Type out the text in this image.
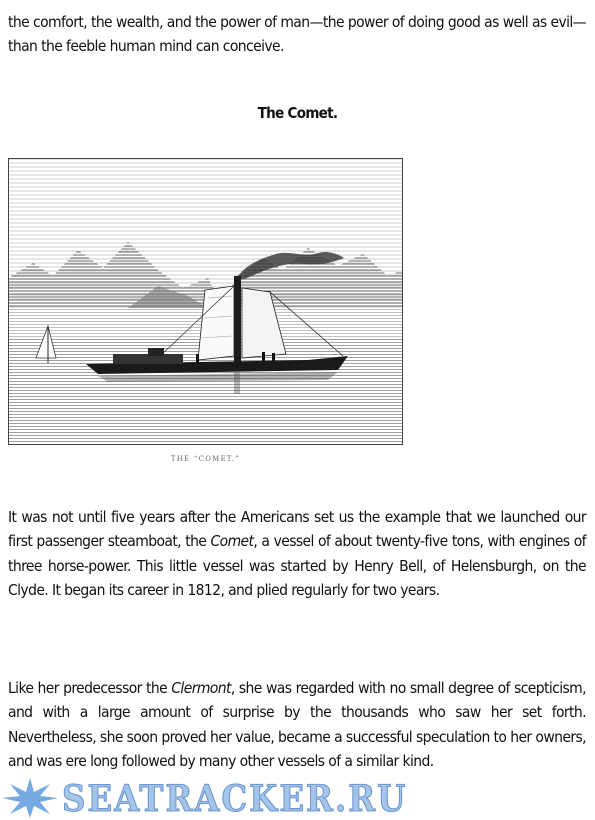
the comfort, the wealth, and the power of man—the power of doing good as well as evil—than the feeble human mind can conceive.

The Comet.
THE “COMET.”

It was not until five years after the Americans set us the example that we launched our first passenger steamboat, the Comet, a vessel of about twenty-five tons, with engines of three horse-power. This little vessel was started by Henry Bell, of Helensburgh, on the Clyde. It began its career in 1812, and plied regularly for two years.

Like her predecessor the Clermont, she was regarded with no small degree of scepticism, and with a large amount of surprise by the thousands who saw her set forth. Nevertheless, she soon proved her value, became a successful speculation to her owners, and was ere long followed by many other vessels of a similar kind.

SEATRACKER.RU
